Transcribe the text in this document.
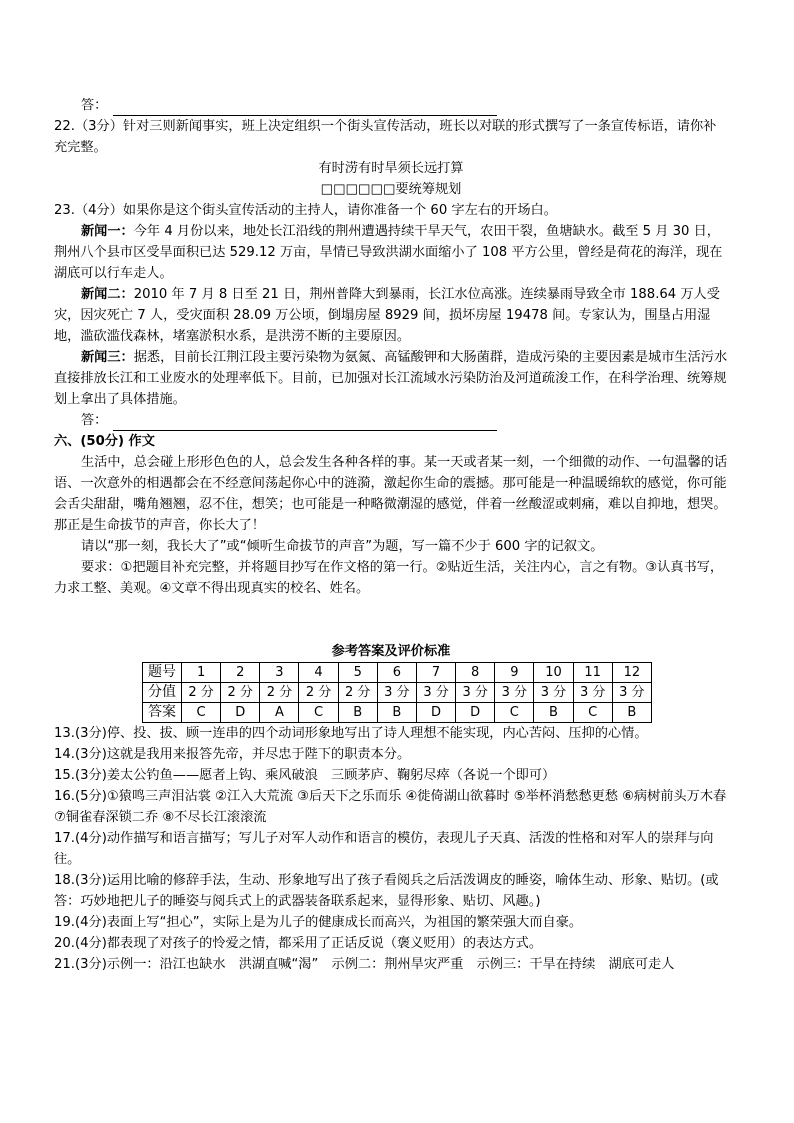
答：

22.（3分）针对三则新闻事实，班上决定组织一个街头宣传活动，班长以对联的形式撰写了一条宣传标语，请你补充完整。

有时涝有时旱须长远打算

□□□□□□要统筹规划

23.（4分）如果你是这个街头宣传活动的主持人，请你准备一个 60 字左右的开场白。

新闻一：今年 4 月份以来，地处长江沿线的荆州遭遇持续干旱天气，农田干裂，鱼塘缺水。截至 5 月 30 日，荆州八个县市区受旱面积已达 529.12 万亩，旱情已导致洪湖水面缩小了 108 平方公里，曾经是荷花的海洋，现在湖底可以行车走人。

新闻二：2010 年 7 月 8 日至 21 日，荆州普降大到暴雨，长江水位高涨。连续暴雨导致全市 188.64 万人受灾，因灾死亡 7 人，受灾面积 28.09 万公顷，倒塌房屋 8929 间，损坏房屋 19478 间。专家认为，围垦占用湿地，滥砍滥伐森林，堵塞淤积水系，是洪涝不断的主要原因。

新闻三：据悉，目前长江荆江段主要污染物为氨氮、高锰酸钾和大肠菌群，造成污染的主要因素是城市生活污水直接排放长江和工业废水的处理率低下。目前，已加强对长江流域水污染防治及河道疏浚工作，在科学治理、统筹规划上拿出了具体措施。

答：

六、(50分) 作文

生活中，总会碰上形形色色的人，总会发生各种各样的事。某一天或者某一刻，一个细微的动作、一句温馨的话语、一次意外的相遇都会在不经意间荡起你心中的涟漪，激起你生命的震撼。那可能是一种温暖绵软的感觉，你可能会舌尖甜甜，嘴角翘翘，忍不住，想笑；也可能是一种略微潮湿的感觉，伴着一丝酸涩或刺痛，难以自抑地，想哭。那正是生命拔节的声音，你长大了！

请以“那一刻，我长大了”或“倾听生命拔节的声音”为题，写一篇不少于 600 字的记叙文。

要求：①把题目补充完整，并将题目抄写在作文格的第一行。②贴近生活，关注内心，言之有物。③认真书写，力求工整、美观。④文章不得出现真实的校名、姓名。

参考答案及评价标准

题号	1	2	3	4	5	6	7	8	9	10	11	12
分值	2 分	2 分	2 分	2 分	2 分	3 分	3 分	3 分	3 分	3 分	3 分	3 分
答案	C	D	A	C	B	B	D	D	C	B	C	B

13.(3分)停、投、拔、顾一连串的四个动词形象地写出了诗人理想不能实现，内心苦闷、压抑的心情。

14.(3分)这就是我用来报答先帝，并尽忠于陛下的职责本分。

15.(3分)姜太公钓鱼——愿者上钩、乘风破浪　三顾茅庐、鞠躬尽瘁（各说一个即可）

16.(5分)①猿鸣三声泪沾裳 ②江入大荒流 ③后天下之乐而乐 ④徙倚湖山欲暮时 ⑤举杯消愁愁更愁 ⑥病树前头万木春 ⑦铜雀春深锁二乔 ⑧不尽长江滚滚流

17.(4分)动作描写和语言描写；写儿子对军人动作和语言的模仿，表现儿子天真、活泼的性格和对军人的崇拜与向往。

18.(3分)运用比喻的修辞手法，生动、形象地写出了孩子看阅兵之后活泼调皮的睡姿，喻体生动、形象、贴切。(或答：巧妙地把儿子的睡姿与阅兵式上的武器装备联系起来，显得形象、贴切、风趣。)

19.(4分)表面上写“担心”，实际上是为儿子的健康成长而高兴，为祖国的繁荣强大而自豪。

20.(4分)都表现了对孩子的怜爱之情，都采用了正话反说（褒义贬用）的表达方式。

21.(3分)示例一：沿江也缺水　洪湖直喊“渴”　示例二：荆州旱灾严重　示例三：干旱在持续　湖底可走人
